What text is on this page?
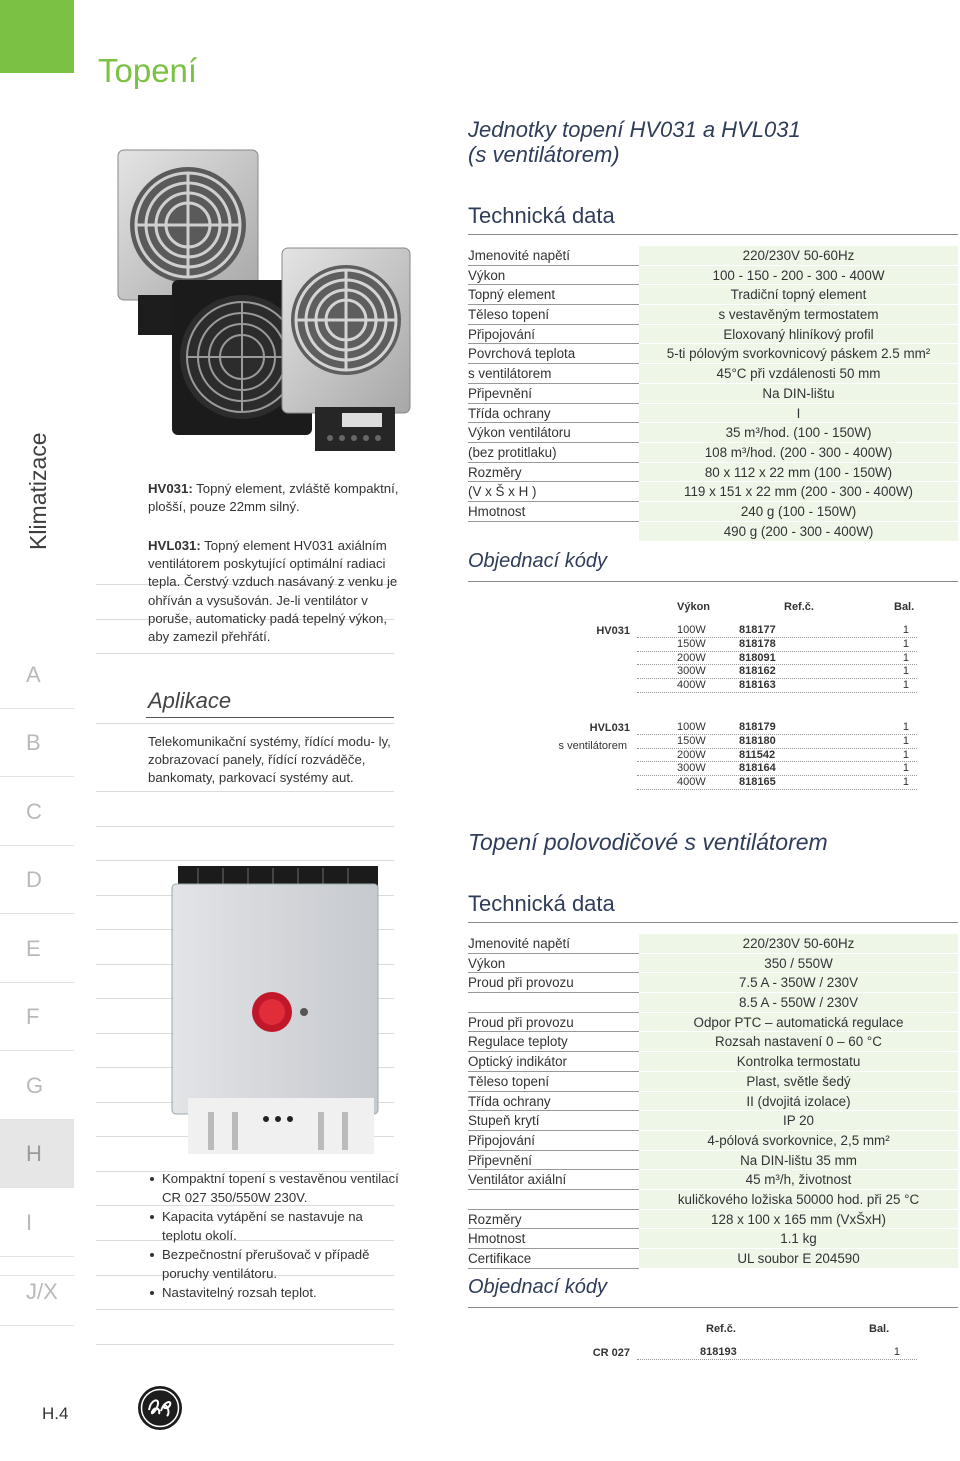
Klimatizace
A
B
C
D
E
F
G
H
I
J/X
H.4
Topení
HV031: Topný element, zvláště kompaktní, plošší, pouze 22mm silný.
HVL031: Topný element HV031 axiálním ventilátorem poskytující optimální radiaci tepla. Čerstvý vzduch nasávaný z venku je ohříván a vysušován. Je-li ventilátor v poruše, automaticky padá tepelný výkon, aby zamezil přehřátí.
Aplikace
Telekomunikační systémy, řídící modu- ly, zobrazovací panely, řídící rozváděče, bankomaty, parkovací systémy aut.
Kompaktní topení s vestavěnou ventilací CR 027 350/550W 230V.
Kapacita vytápění se nastavuje na teplotu okolí.
Bezpečnostní přerušovač v případě poruchy ventilátoru.
Nastavitelný rozsah teplot.
Jednotky topení HV031 a HVL031
(s ventilátorem)
Technická data
Jmenovité napětí	220/230V 50-60Hz
Výkon	100 - 150 - 200 - 300 - 400W
Topný element	Tradiční topný element
Těleso topení	s vestavěným termostatem
Připojování	Eloxovaný hliníkový profil
Povrchová teplota	5-ti pólovým svorkovnicový páskem 2.5 mm²
s ventilátorem	45°C při vzdálenosti 50 mm
Připevnění	Na DIN-lištu
Třída ochrany	I
Výkon ventilátoru	35 m³/hod. (100 - 150W)
(bez protitlaku)	108 m³/hod. (200 - 300 - 400W)
Rozměry	80 x 112 x 22 mm (100 - 150W)
(V x Š x H )	119 x 151 x 22 mm (200 - 300 - 400W)
Hmotnost	240 g (100 - 150W)
490 g (200 - 300 - 400W)
Objednací kódy
Výkon	Ref.č.	Bal.
HV031	100W	818177	1
150W	818178	1
200W	818091	1
300W	818162	1
400W	818163	1
HVL031
s ventilátorem
100W	818179	1
150W	818180	1
200W	811542	1
300W	818164	1
400W	818165	1
Topení polovodičové s ventilátorem
Technická data
Jmenovité napětí	220/230V 50-60Hz
Výkon	350 / 550W
Proud při provozu	7.5 A - 350W / 230V
8.5 A - 550W / 230V
Proud při provozu	Odpor PTC – automatická regulace
Regulace teploty	Rozsah nastavení 0 – 60 °C
Optický indikátor	Kontrolka termostatu
Těleso topení	Plast, světle šedý
Třída ochrany	II (dvojitá izolace)
Stupeň krytí	IP 20
Připojování	4-pólová svorkovnice, 2,5 mm²
Připevnění	Na DIN-lištu 35 mm
Ventilátor axiální	45 m³/h, životnost
kuličkového ložiska 50000 hod. při 25 °C
Rozměry	128 x 100 x 165 mm (VxŠxH)
Hmotnost	1.1 kg
Certifikace	UL soubor E 204590
Objednací kódy
Ref.č.	Bal.
CR 027	818193	1
